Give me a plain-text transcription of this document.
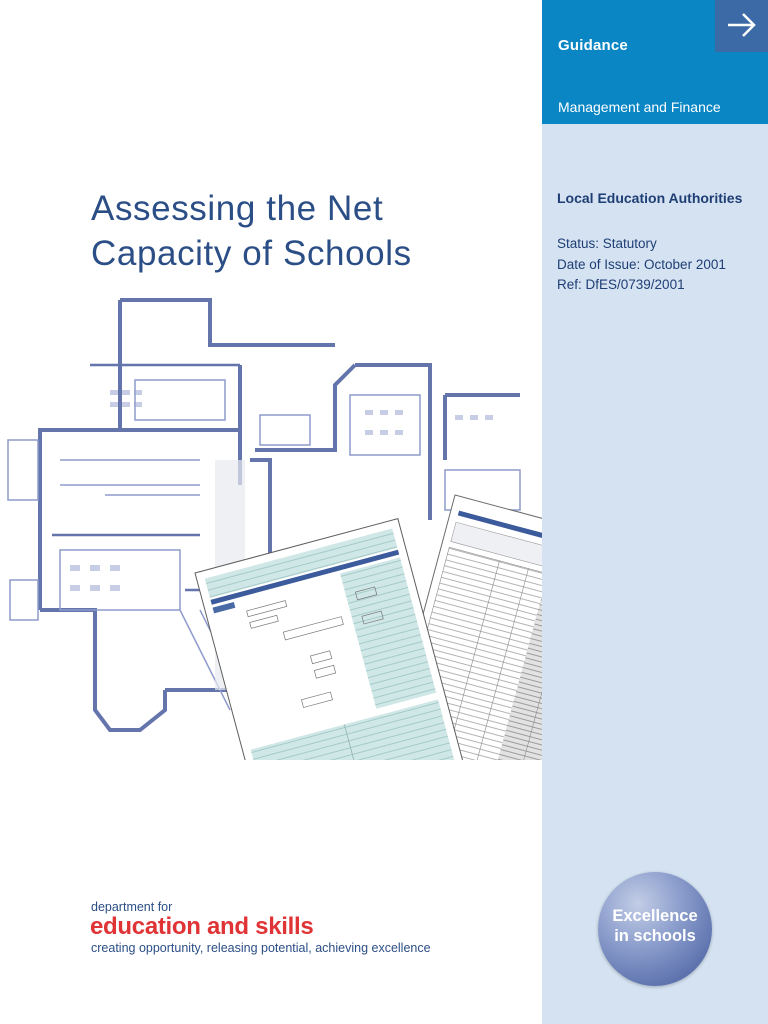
Guidance
Management and Finance
Local Education Authorities
Status: Statutory
Date of Issue: October 2001
Ref: DfES/0739/2001
Excellence
in schools
Assessing the Net
Capacity of Schools
department for
education and skills
creating opportunity, releasing potential, achieving excellence
